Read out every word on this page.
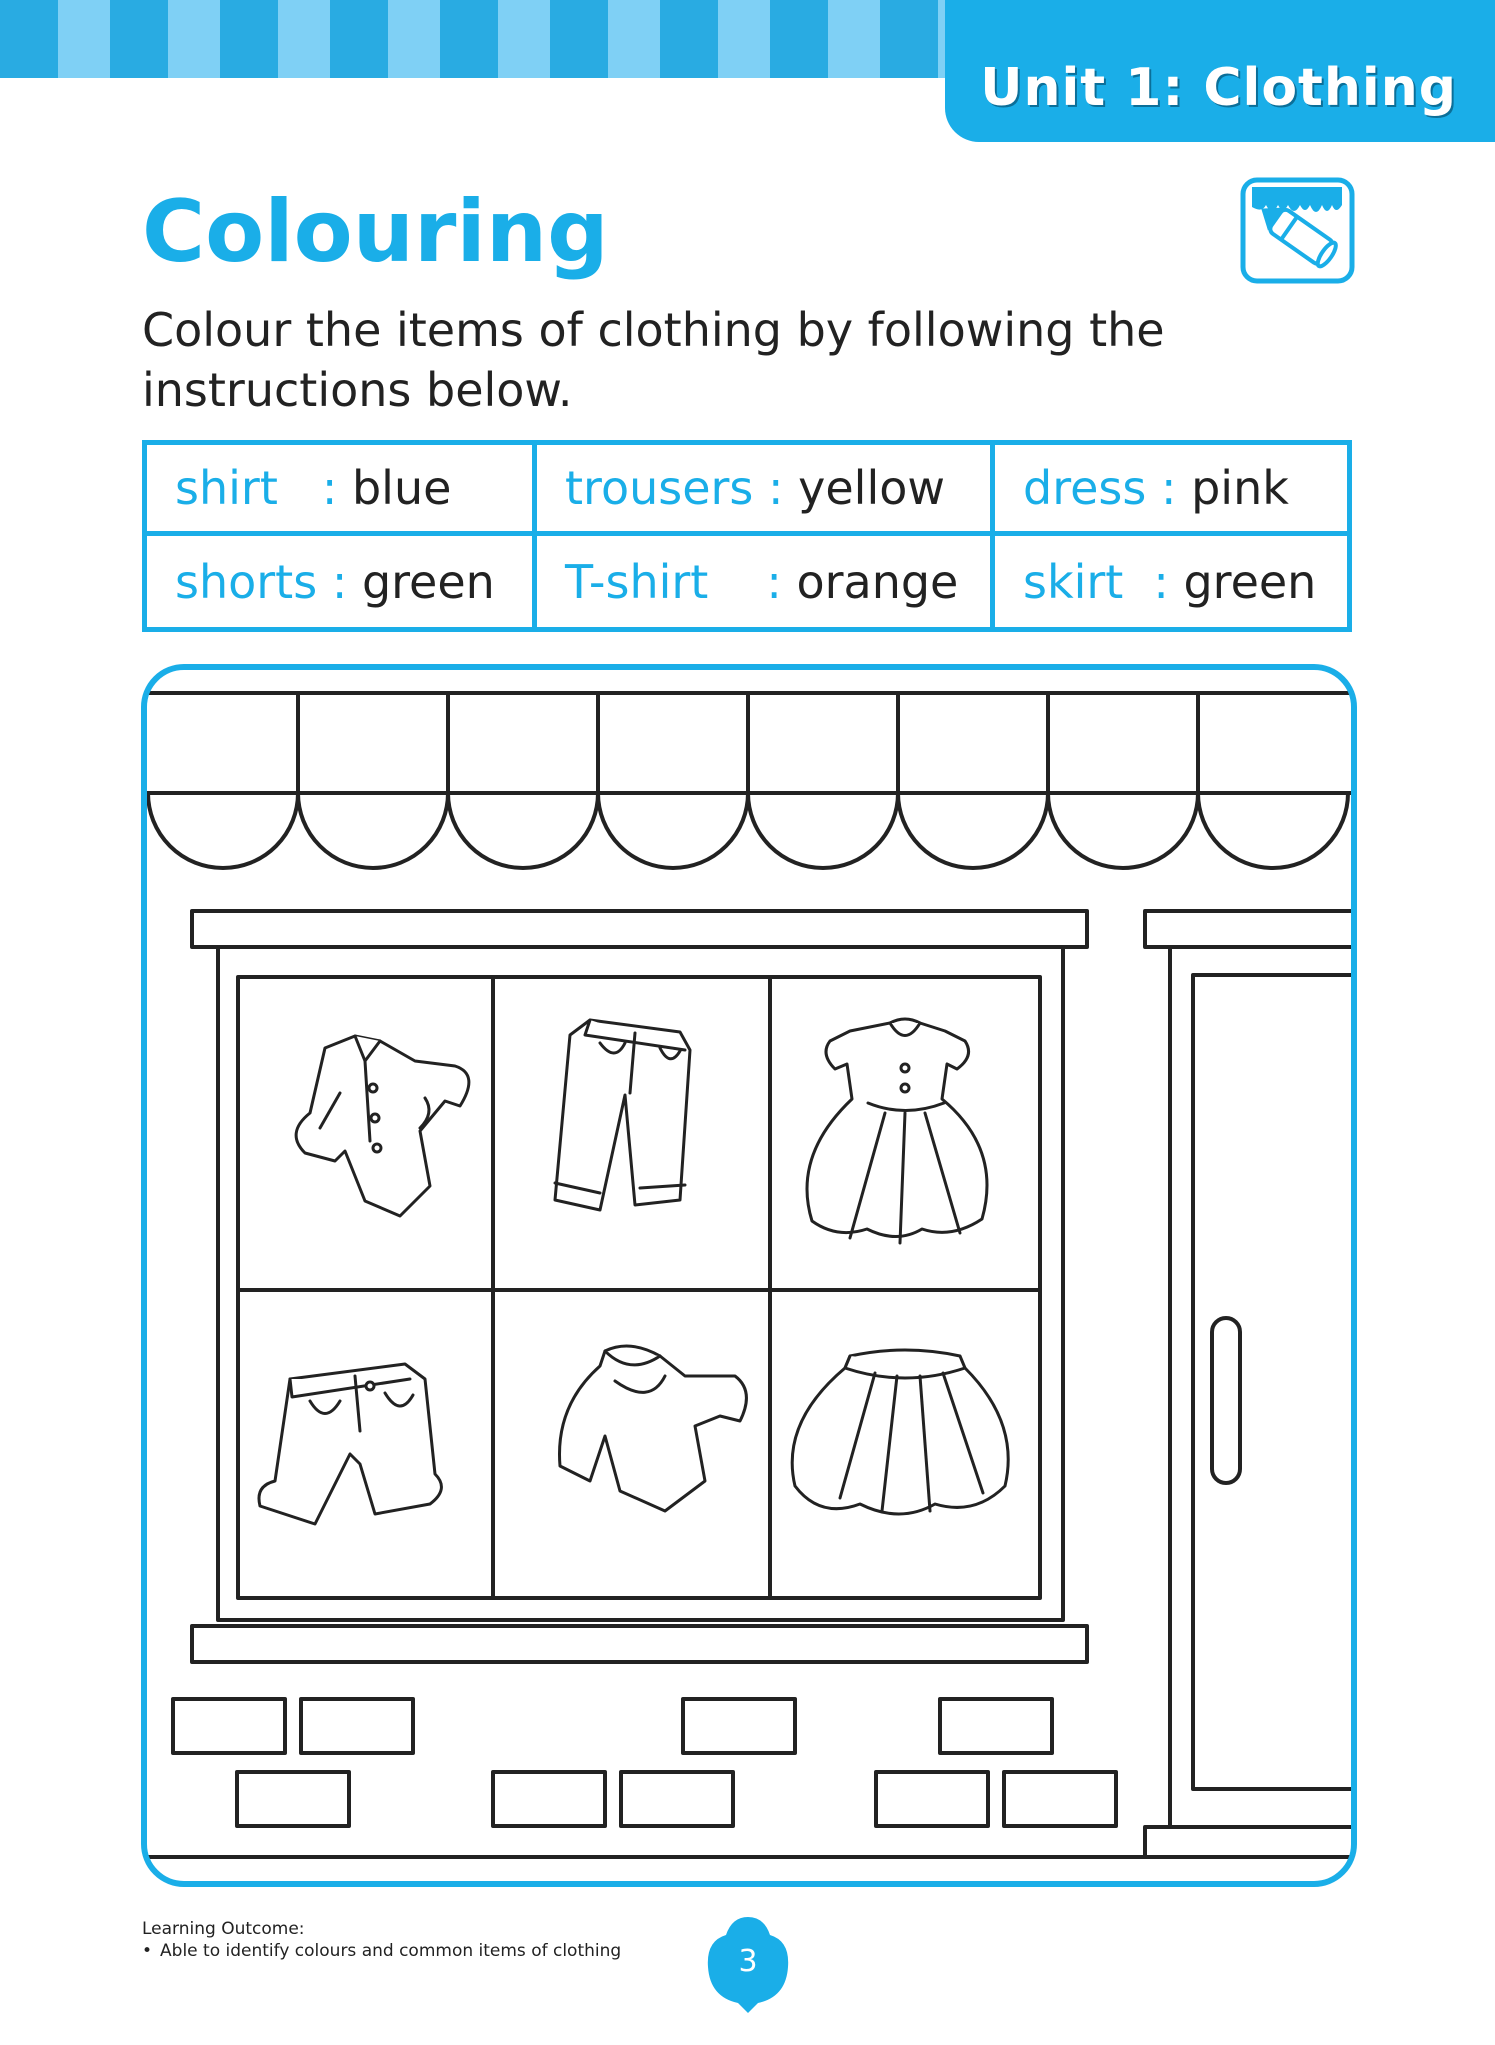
Unit 1: Clothing
Colouring
Colour the items of clothing by following the instructions below.
shirt :
blue trousers
:
yellow dress
:
pink
shorts
:
green T-shirt :
orange skirt :
green
Learning Outcome:
• Able to identify colours and common items of clothing	3
